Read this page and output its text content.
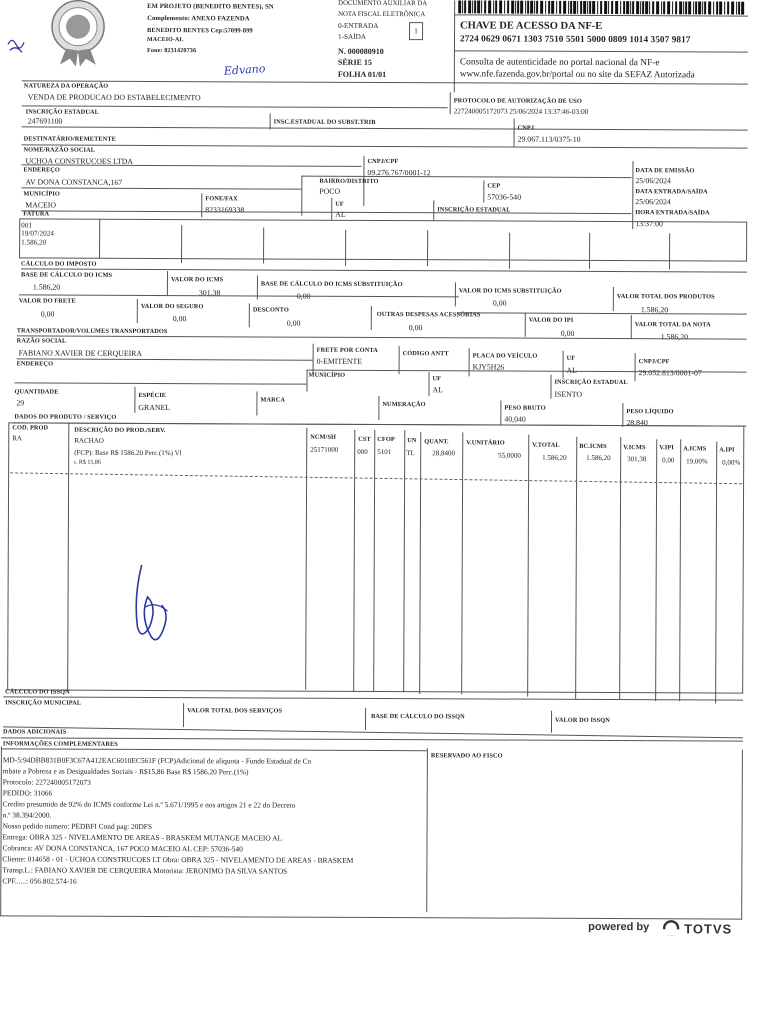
EM PROJETO (BENEDITO BENTES), SN
Complemento: ANEXO FAZENDA
BENEDITO BENTES Cep:57099-899
MACEIO-AL
Fone: 8231420736
Edvano
DOCUMENTO AUXILIAR DA
NOTA FISCAL ELETRÔNICA
0-ENTRADA
1-SAÍDA
1
N. 000080910
SÉRIE 15
FOLHA 01/01
CHAVE DE ACESSO DA NF-E
2724 0629 0671 1303 7510 5501 5000 0809 1014 3507 9817
Consulta de autenticidade no portal nacional da NF-e
www.nfe.fazenda.gov.br/portal ou no site da SEFAZ Autorizada
NATUREZA DA OPERAÇÃO
VENDA DE PRODUCAO DO ESTABELECIMENTO	PROTOCOLO DE AUTORIZAÇÃO DE USO
227240005172073 25/06/2024 13:37:46-03:00
INSCRIÇÃO ESTADUAL
247691100	INSC.ESTADUAL DO SUBST.TRIB
CNPJ
29.067.113/0375-10
DESTINATÁRIO/REMETENTE
NOME/RAZÃO SOCIAL
UCHOA CONSTRUCOES LTDA	CNPJ/CPF
09.276.767/0001-12	DATA DE EMISSÃO
25/06/2024
ENDEREÇO
AV DONA CONSTANCA,167	BAIRRO/DISTRITO
POCO
CEP
57036-540
DATA ENTRADA/SAÍDA
25/06/2024
MUNICÍPIO
MACEIO
FONE/FAX
8233169338
UF
AL	INSCRIÇÃO ESTADUAL	HORA ENTRADA/SAÍDA
13:37:00
FATURA
001
19/07/2024
1.586,20
CÁLCULO DO IMPOSTO
BASE DE CÁLCULO DO ICMS
1.586,20
VALOR DO ICMS
301,38
BASE DE CÁLCULO DO ICMS SUBSTITUIÇÃO
0,00
VALOR DO ICMS SUBSTITUIÇÃO
0,00
VALOR TOTAL DOS PRODUTOS
1.586,20
VALOR DO FRETE
0,00
VALOR DO SEGURO
0,00
DESCONTO
0,00
OUTRAS DESPESAS ACESSÓRIAS
0,00
VALOR DO IPI
0,00
VALOR TOTAL DA NOTA
1.586,20
TRANSPORTADOR/VOLUMES TRANSPORTADOS
RAZÃO SOCIAL
FABIANO XAVIER DE CERQUEIRA	FRETE POR CONTA
0-EMITENTE
CÓDIGO ANTT	PLACA DO VEÍCULO
KJY5H26
UF
AL
CNPJ/CPF
29.052.813/0001-07
ENDEREÇO
MUNICÍPIO	UF
AL
INSCRIÇÃO ESTADUAL
ISENTO
QUANTIDADE
29
ESPÉCIE
GRANEL
MARCA
NUMERAÇÃO	PESO BRUTO
40,040
PESO LÍQUIDO
28,840
DADOS DO PRODUTO / SERVIÇO
COD. PROD	DESCRIÇÃO DO PROD./SERV.
NCM/SH	CST CFOP UN QUANT.	V.UNITÁRIO	V.TOTAL	BC.ICMS	V.ICMS V.IPI A.ICMS A.IPI
RA	RACHAO
(FCP): Base R$ 1586.20 Perc.(1%) Vl
r. R$ 15,86
25171000	000 5101 TL 28,8400	55,0000	1.586,20	1.586,20 301,38 0,00 19,00% 0,00%
CÁLCULO DO ISSQN
INSCRIÇÃO MUNICIPAL
VALOR TOTAL DOS SERVIÇOS
BASE DE CÁLCULO DO ISSQN
VALOR DO ISSQN
DADOS ADICIONAIS
INFORMAÇÕES COMPLEMENTARES
RESERVADO AO FISCO
MD-5:94DBB831B0F3C67A412EAC6010EC561F (FCP)Adicional de aliquota - Fundo Estadual de Co
mbate a Pobreza e as Desigualdades Sociais - R$15,86 Base R$ 1586.20 Perc.(1%)
Protocolo: 227240005172073
PEDIDO: 31066
Credito presumido de 92% do ICMS conforme Lei n.º 5.671/1995 e nos artigos 21 e 22 do Decreto
n.º 38.394/2000.
Nosso pedido numero: PEDBFI Cond pag: 20DFS
Entrega: OBRA 325 - NIVELAMENTO DE AREAS - BRASKEM MUTANGE MACEIO AL
Cobranca: AV DONA CONSTANCA, 167 POCO MACEIO AL CEP: 57036-540
Cliente: 014658 - 01 - UCHOA CONSTRUCOES LT Obra: OBRA 325 - NIVELAMENTO DE AREAS - BRASKEM
Transp.L.: FABIANO XAVIER DE CERQUEIRA Motorista: JERONIMO DA SILVA SANTOS
CPF......: 056.802.574-16
powered by	TOTVS
